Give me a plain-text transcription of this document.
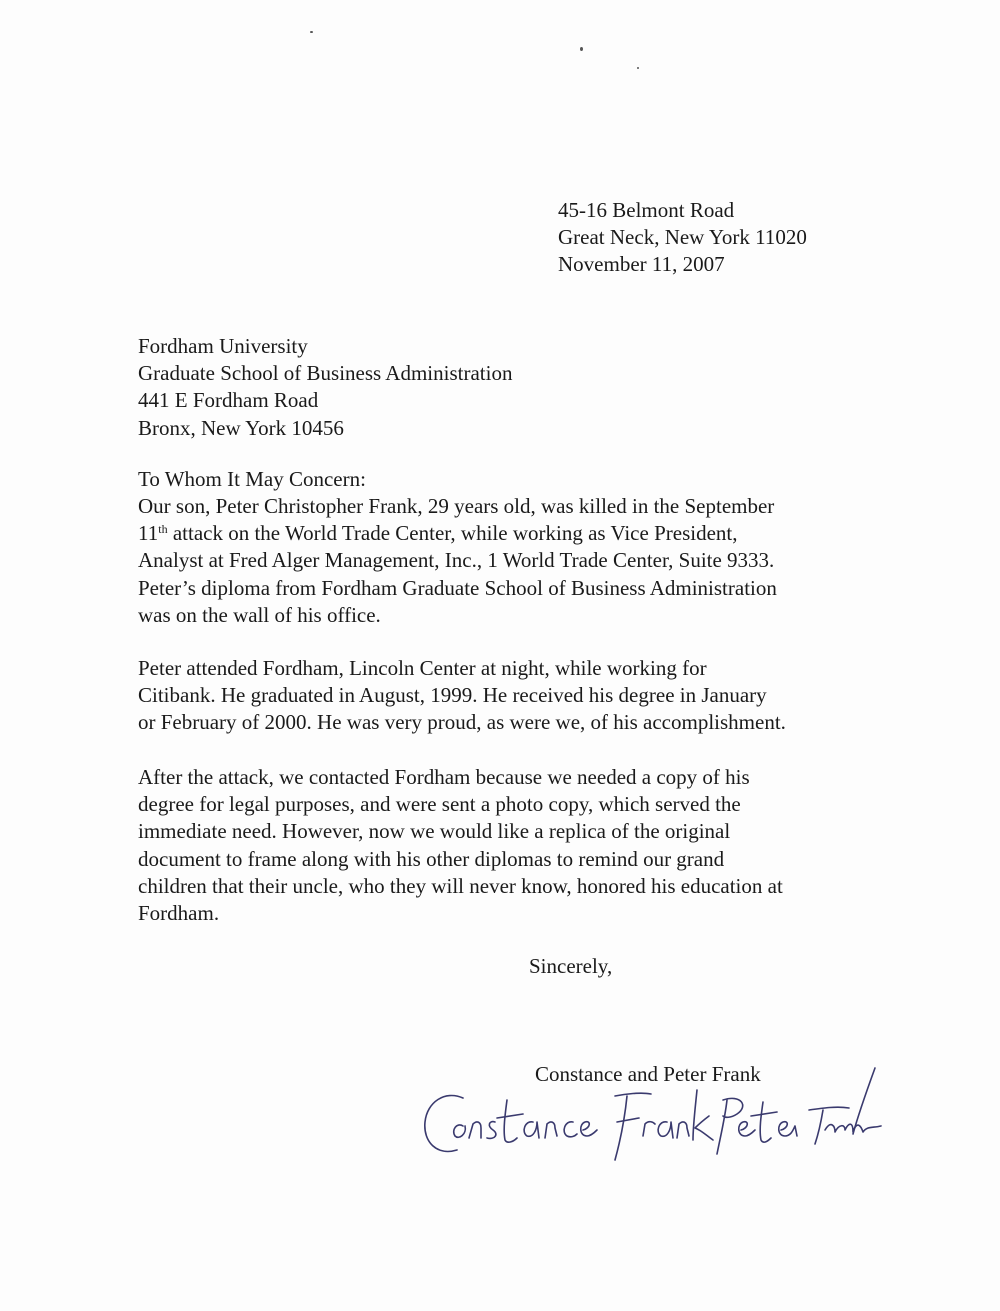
45-16 Belmont Road
Great Neck, New York 11020
November 11, 2007
Fordham University
Graduate School of Business Administration
441 E Fordham Road
Bronx, New York 10456
To Whom It May Concern:
Our son, Peter Christopher Frank, 29 years old, was killed in the September
11th attack on the World Trade Center, while working as Vice President,
Analyst at Fred Alger Management, Inc., 1 World Trade Center, Suite 9333.
Peter’s diploma from Fordham Graduate School of Business Administration
was on the wall of his office.
Peter attended Fordham, Lincoln Center at night, while working for
Citibank. He graduated in August, 1999. He received his degree in January
or February of 2000. He was very proud, as were we, of his accomplishment.
After the attack, we contacted Fordham because we needed a copy of his
degree for legal purposes, and were sent a photo copy, which served the
immediate need. However, now we would like a replica of the original
document to frame along with his other diplomas to remind our grand
children that their uncle, who they will never know, honored his education at
Fordham.
Sincerely,
Constance and Peter Frank
